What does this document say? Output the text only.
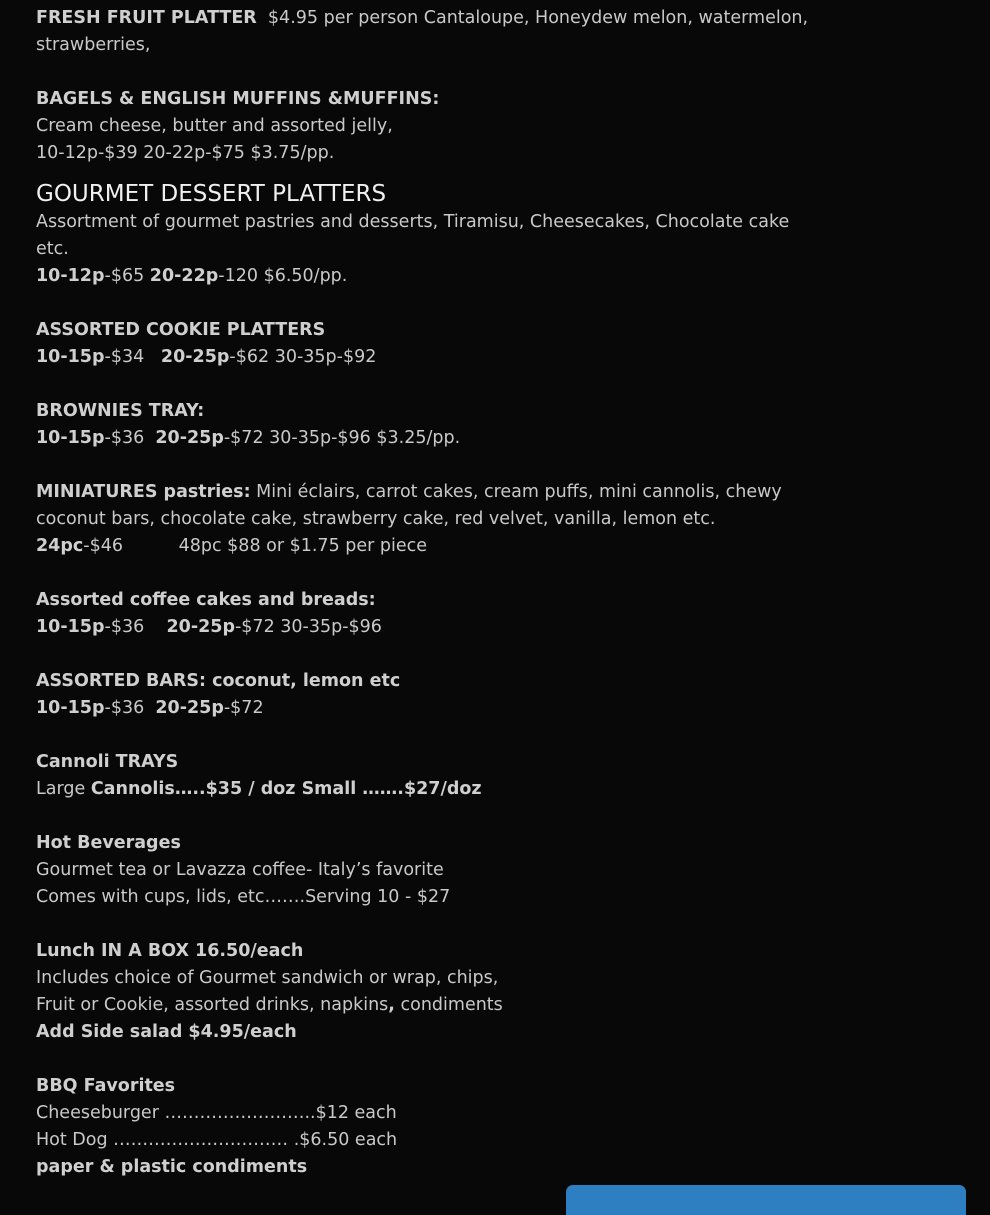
FRESH FRUIT PLATTER $4.95 per person Cantaloupe, Honeydew melon, watermelon, strawberries,

BAGELS & ENGLISH MUFFINS &MUFFINS:

Cream cheese, butter and assorted jelly,

10-12p-$39 20-22p-$75 $3.75/pp.

GOURMET DESSERT PLATTERS

Assortment of gourmet pastries and desserts, Tiramisu, Cheesecakes, Chocolate cake etc.

10-12p-$65 20-22p-120 $6.50/pp.

ASSORTED COOKIE PLATTERS

10-15p-$34 20-25p-$62 30-35p-$92

BROWNIES TRAY:

10-15p-$36 20-25p-$72 30-35p-$96 $3.25/pp.

MINIATURES pastries: Mini éclairs, carrot cakes, cream puffs, mini cannolis, chewy coconut bars, chocolate cake, strawberry cake, red velvet, vanilla, lemon etc.

24pc-$46          48pc $88 or $1.75 per piece

Assorted coffee cakes and breads:

10-15p-$36 20-25p-$72 30-35p-$96

ASSORTED BARS: coconut, lemon etc

10-15p-$36 20-25p-$72

Cannoli TRAYS

Large Cannolis…..$35 / doz Small …….$27/doz

Hot Beverages

Gourmet tea or Lavazza coffee- Italy’s favorite

Comes with cups, lids, etc…….Serving 10 - $27

Lunch IN A BOX 16.50/each

Includes choice of Gourmet sandwich or wrap, chips,

Fruit or Cookie, assorted drinks, napkins, condiments

Add Side salad $4.95/each

BBQ Favorites

Cheeseburger ……………………..$12 each

Hot Dog ………………………… .$6.50 each

paper & plastic condiments
